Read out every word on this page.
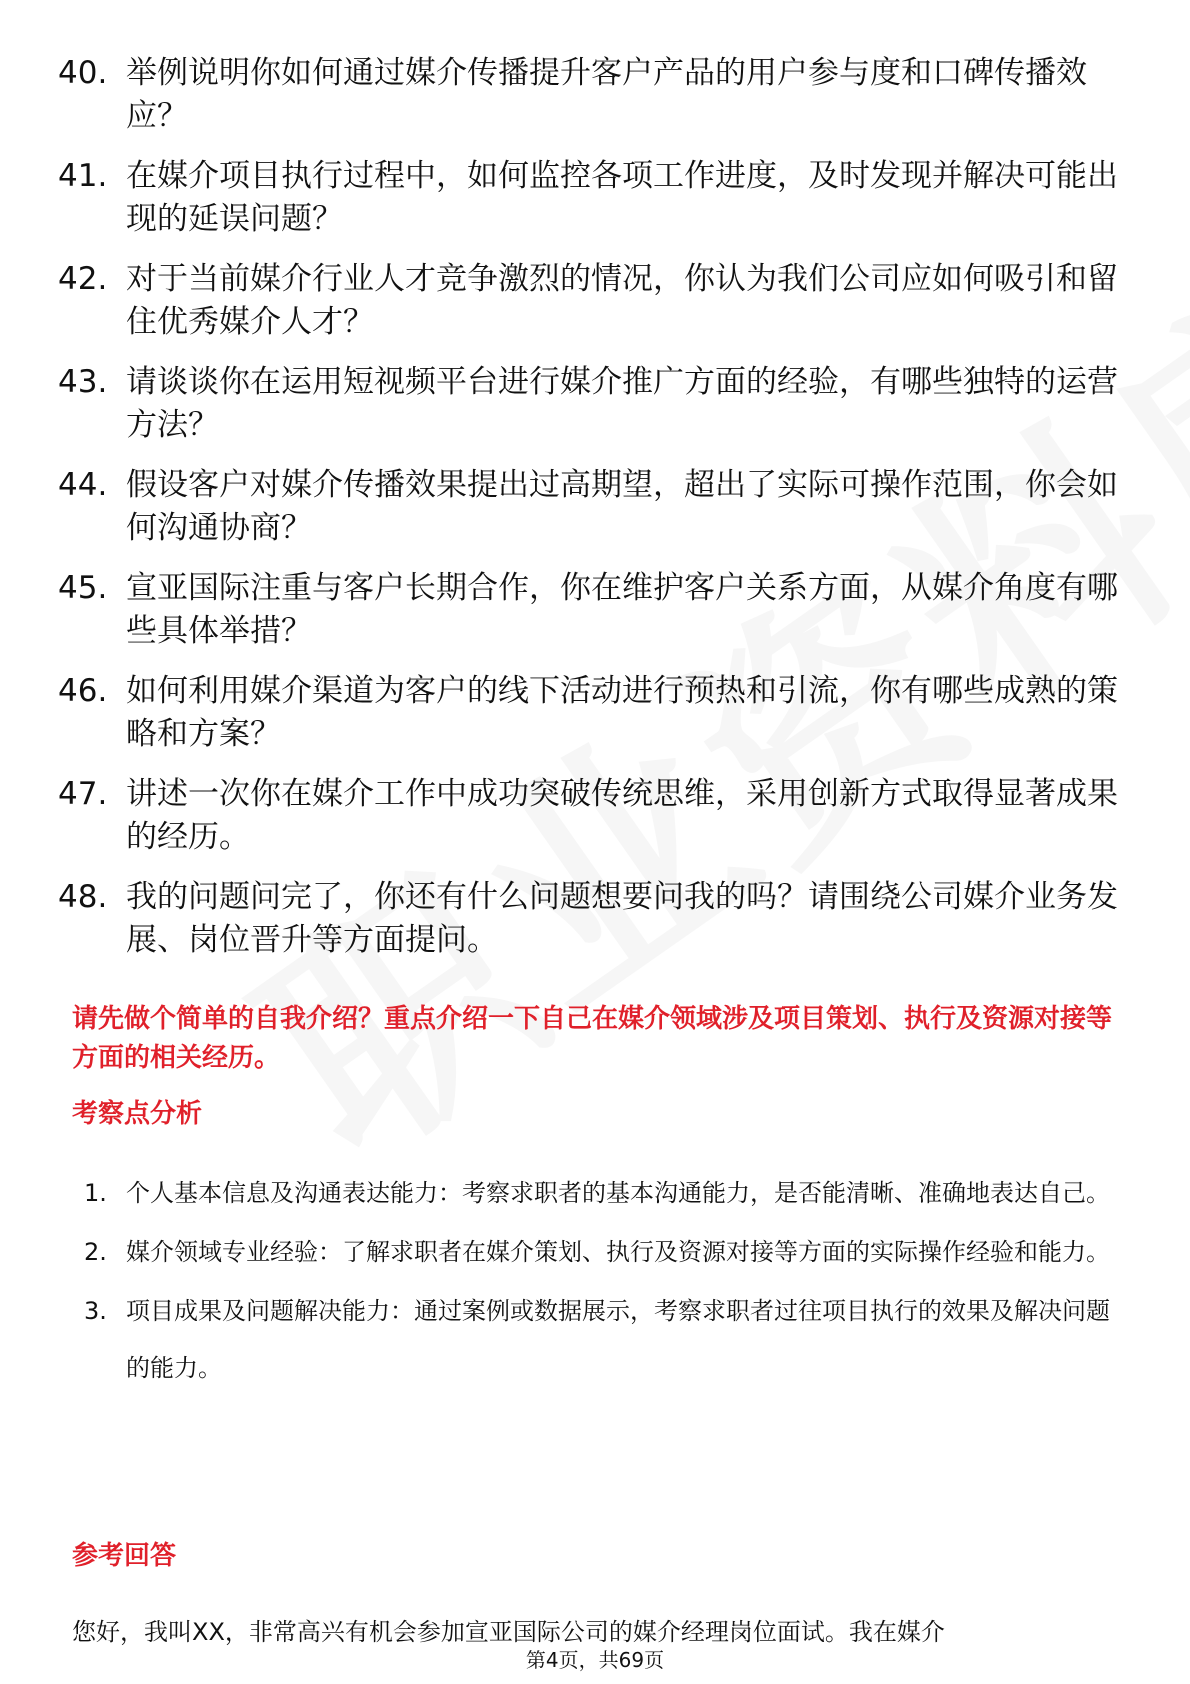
40. 举例说明你如何通过媒介传播提升客户产品的用户参与度和口碑传播效应？
41. 在媒介项目执行过程中，如何监控各项工作进度，及时发现并解决可能出现的延误问题？
42. 对于当前媒介行业人才竞争激烈的情况，你认为我们公司应如何吸引和留住优秀媒介人才？
43. 请谈谈你在运用短视频平台进行媒介推广方面的经验，有哪些独特的运营方法？
44. 假设客户对媒介传播效果提出过高期望，超出了实际可操作范围，你会如何沟通协商？
45. 宣亚国际注重与客户长期合作，你在维护客户关系方面，从媒介角度有哪些具体举措？
46. 如何利用媒介渠道为客户的线下活动进行预热和引流，你有哪些成熟的策略和方案？
47. 讲述一次你在媒介工作中成功突破传统思维，采用创新方式取得显著成果的经历。
48. 我的问题问完了，你还有什么问题想要问我的吗？请围绕公司媒介业务发展、岗位晋升等方面提问。
请先做个简单的自我介绍？重点介绍一下自己在媒介领域涉及项目策划、执行及资源对接等方面的相关经历。
考察点分析
1. 个人基本信息及沟通表达能力：考察求职者的基本沟通能力，是否能清晰、准确地表达自己。
2. 媒介领域专业经验：了解求职者在媒介策划、执行及资源对接等方面的实际操作经验和能力。
3. 项目成果及问题解决能力：通过案例或数据展示，考察求职者过往项目执行的效果及解决问题的能力。
参考回答
您好，我叫XX，非常高兴有机会参加宣亚国际公司的媒介经理岗位面试。我在媒介
第4页，共69页
